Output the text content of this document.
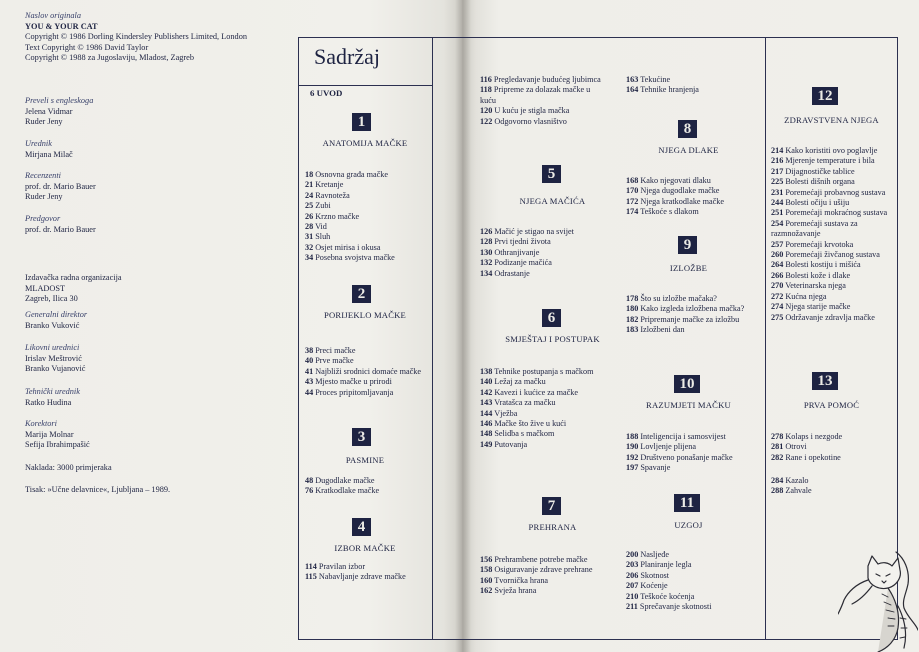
Naslov originala
YOU & YOUR CAT
Copyright © 1986 Dorling Kindersley Publishers Limited, London
Text Copyright © 1986 David Taylor
Copyright © 1988 za Jugoslaviju, Mladost, Zagreb
Preveli s engleskoga
Jelena Vidmar
Ruder Jeny
Urednik
Mirjana Milač
Recenzenti
prof. dr. Mario Bauer
Ruder Jeny
Predgovor
prof. dr. Mario Bauer
Izdavačka radna organizacija
MLADOST
Zagreb, Ilica 30
Generalni direktor
Branko Vuković
Likovni urednici
Irislav Meštrović
Branko Vujanović
Tehnički urednik
Ratko Hudina
Korektori
Marija Molnar
Sefija Ibrahimpašić
Naklada: 3000 primjeraka
Tisak: »Učne delavnice«, Ljubljana – 1989.
Sadržaj
6 UVOD
1
ANATOMIJA MAČKE
18 Osnovna građa mačke
21 Kretanje
24 Ravnoteža
25 Zubi
26 Krzno mačke
28 Vid
31 Sluh
32 Osjet mirisa i okusa
34 Posebna svojstva mačke
2
PORIJEKLO MAČKE
38 Preci mačke
40 Prve mačke
41 Najbliži srodnici domaće mačke
43 Mjesto mačke u prirodi
44 Proces pripitomljavanja
3
PASMINE
48 Dugodlake mačke
76 Kratkodlake mačke
4
IZBOR MAČKE
114 Pravilan izbor
115 Nabavljanje zdrave mačke
116 Pregledavanje budućeg ljubimca
118 Pripreme za dolazak mačke u kuću
120 U kuću je stigla mačka
122 Odgovorno vlasništvo
5
NJEGA MAČIĆA
126 Mačić je stigao na svijet
128 Prvi tjedni života
130 Othranjivanje
132 Podizanje mačića
134 Odrastanje
6
SMJEŠTAJ I POSTUPAK
138 Tehnike postupanja s mačkom
140 Ležaj za mačku
142 Kavezi i kućice za mačke
143 Vratašca za mačku
144 Vježba
146 Mačke što žive u kući
148 Selidba s mačkom
149 Putovanja
7
PREHRANA
156 Prehrambene potrebe mačke
158 Osiguravanje zdrave prehrane
160 Tvornička hrana
162 Svježa hrana
163 Tekućine
164 Tehnike hranjenja
8
NJEGA DLAKE
168 Kako njegovati dlaku
170 Njega dugodlake mačke
172 Njega kratkodlake mačke
174 Teškoće s dlakom
9
IZLOŽBE
178 Što su izložbe mačaka?
180 Kako izgleda izložbena mačka?
182 Pripremanje mačke za izložbu
183 Izložbeni dan
10
RAZUMJETI MAČKU
188 Inteligencija i samosvijest
190 Lovljenje plijena
192 Društveno ponašanje mačke
197 Spavanje
11
UZGOJ
200 Nasljeđe
203 Planiranje legla
206 Skotnost
207 Koćenje
210 Teškoće koćenja
211 Sprečavanje skotnosti
12
ZDRAVSTVENA NJEGA
214 Kako koristiti ovo poglavlje
216 Mjerenje temperature i bila
217 Dijagnostičke tablice
225 Bolesti dišnih organa
231 Poremećaji probavnog sustava
244 Bolesti očiju i ušiju
251 Poremećaji mokraćnog sustava
254 Poremećaji sustava za razmnožavanje
257 Poremećaji krvotoka
260 Poremećaji živčanog sustava
264 Bolesti kostiju i mišića
266 Bolesti kože i dlake
270 Veterinarska njega
272 Kućna njega
274 Njega starije mačke
275 Održavanje zdravlja mačke
13
PRVA POMOĆ
278 Kolaps i nezgode
281 Otrovi
282 Rane i opekotine
284 Kazalo
288 Zahvale
